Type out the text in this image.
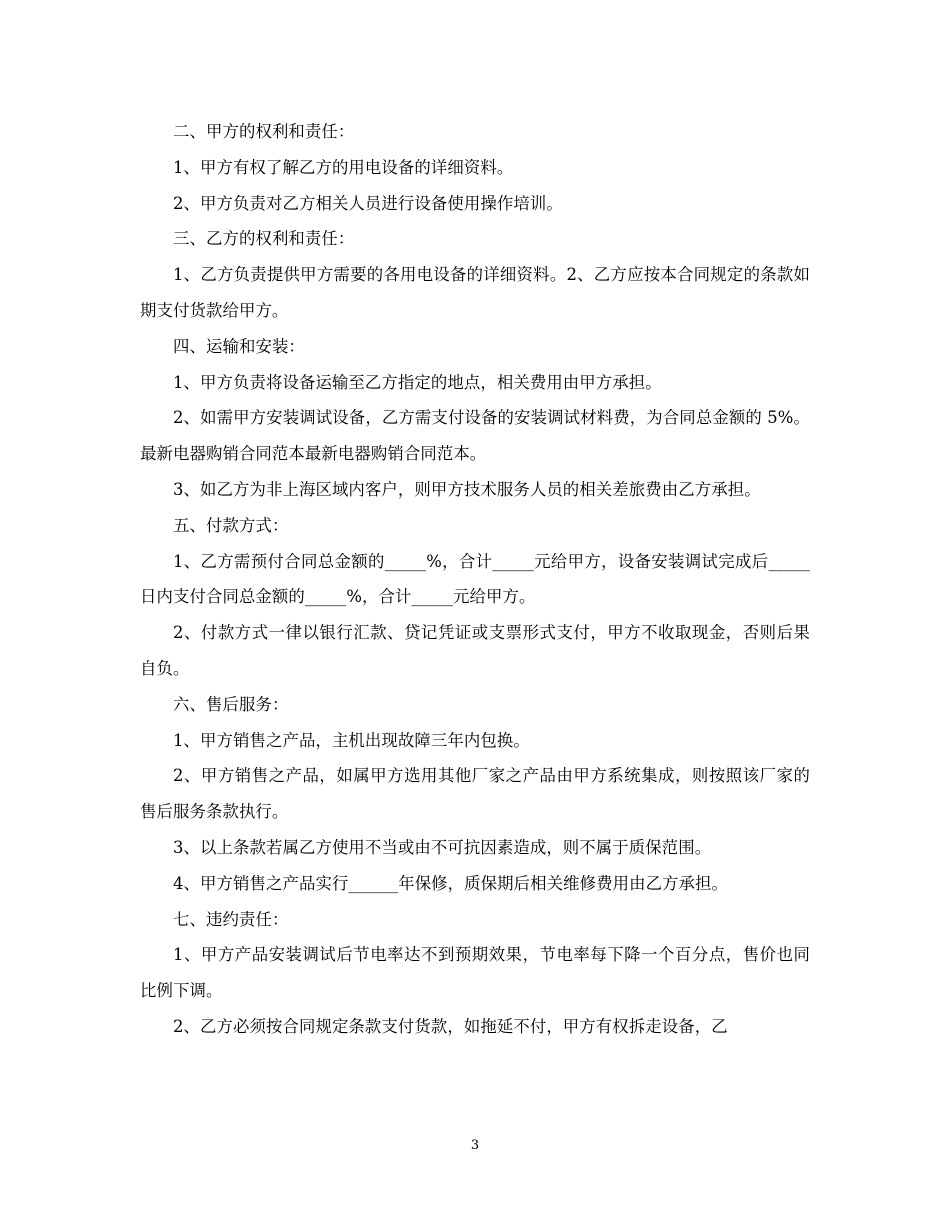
二、甲方的权利和责任：

1、甲方有权了解乙方的用电设备的详细资料。

2、甲方负责对乙方相关人员进行设备使用操作培训。

三、乙方的权利和责任：

1、乙方负责提供甲方需要的各用电设备的详细资料。2、乙方应按本合同规定的条款如期支付货款给甲方。

四、运输和安装：

1、甲方负责将设备运输至乙方指定的地点，相关费用由甲方承担。

2、如需甲方安装调试设备，乙方需支付设备的安装调试材料费，为合同总金额的 5%。最新电器购销合同范本最新电器购销合同范本。

3、如乙方为非上海区域内客户，则甲方技术服务人员的相关差旅费由乙方承担。

五、付款方式：

1、乙方需预付合同总金额的_____%，合计_____元给甲方，设备安装调试完成后_____日内支付合同总金额的_____%，合计_____元给甲方。

2、付款方式一律以银行汇款、贷记凭证或支票形式支付，甲方不收取现金，否则后果自负。

六、售后服务：

1、甲方销售之产品，主机出现故障三年内包换。

2、甲方销售之产品，如属甲方选用其他厂家之产品由甲方系统集成，则按照该厂家的售后服务条款执行。

3、以上条款若属乙方使用不当或由不可抗因素造成，则不属于质保范围。

4、甲方销售之产品实行______年保修，质保期后相关维修费用由乙方承担。

七、违约责任：

1、甲方产品安装调试后节电率达不到预期效果，节电率每下降一个百分点，售价也同比例下调。

2、乙方必须按合同规定条款支付货款，如拖延不付，甲方有权拆走设备，乙

3
